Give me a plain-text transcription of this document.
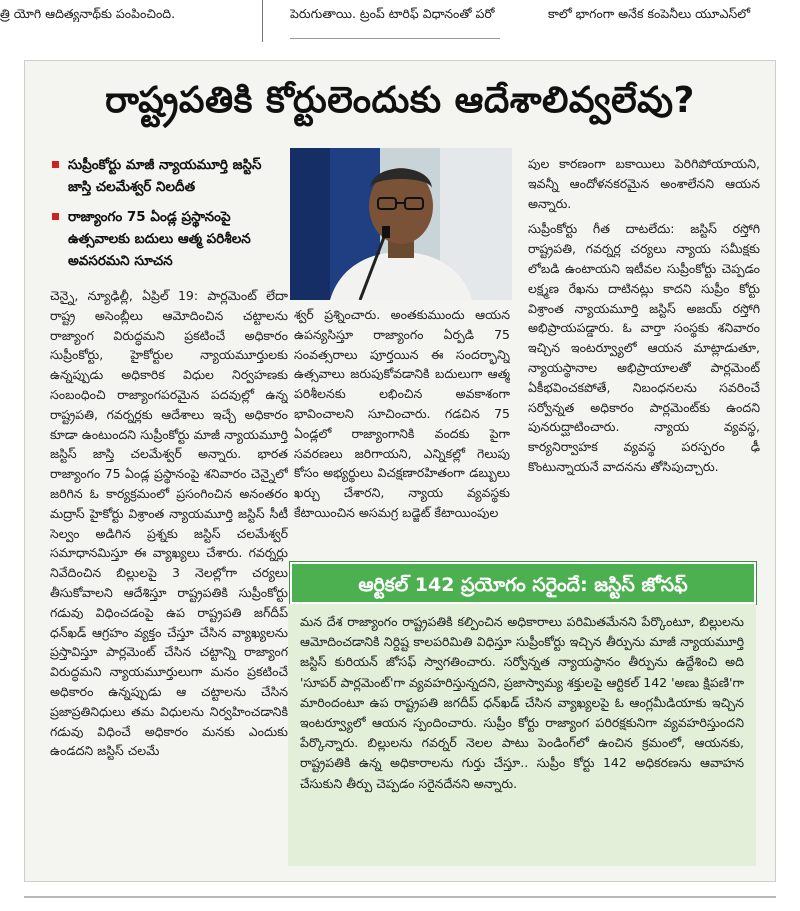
త్రి యోగి ఆదిత్యనాథ్‌కు పంపించింది.	పెరుగుతాయి. ట్రంప్ టారిఫ్ విధానంతో పరో	కాలో భాగంగా అనేక కంపెనీలు యూఎస్‌లో
రాష్ట్రపతికి కోర్టులెందుకు ఆదేశాలివ్వలేవు?
సుప్రీంకోర్టు మాజీ న్యాయమూర్తి జస్టిస్ జాస్తి చలమేశ్వర్ నిలదీత
రాజ్యాంగం 75 ఏండ్ల ప్రస్థానంపై ఉత్సవాలకు బదులు ఆత్మ పరిశీలన అవసరమని సూచన

చెన్నై, న్యూఢిల్లీ, ఏప్రిల్ 19: పార్లమెంట్ లేదా రాష్ట్ర అసెంబ్లీలు ఆమోదించిన చట్టాలను రాజ్యాంగ విరుద్ధమని ప్రకటించే అధికారం సుప్రీంకోర్టు, హైకోర్టుల న్యాయమూర్తులకు ఉన్నప్పుడు అధికారిక విధుల నిర్వహణకు సంబంధించి రాజ్యాంగపరమైన పదవుల్లో ఉన్న రాష్ట్రపతి, గవర్నర్లకు ఆదేశాలు ఇచ్చే అధికారం కూడా ఉంటుందని సుప్రీంకోర్టు మాజీ న్యాయమూర్తి జస్టిస్ జాస్తి చలమేశ్వర్ అన్నారు. భారత రాజ్యాంగం 75 ఏండ్ల ప్రస్థానంపై శనివారం చెన్నైలో జరిగిన ఓ కార్యక్రమంలో ప్రసంగించిన అనంతరం మద్రాస్ హైకోర్టు విశ్రాంత న్యాయమూర్తి జస్టిస్ సీటీ సెల్వం అడిగిన ప్రశ్నకు జస్టిస్ చలమేశ్వర్ సమాధానమిస్తూ ఈ వ్యాఖ్యలు చేశారు. గవర్నర్లు నివేదించిన బిల్లులపై 3 నెలల్లోగా చర్యలు తీసుకోవాలని ఆదేశిస్తూ రాష్ట్రపతికి సుప్రీంకోర్టు గడువు విధించడంపై ఉప రాష్ట్రపతి జగ్‌దీప్ ధన్‌ఖడ్ ఆగ్రహం వ్యక్తం చేస్తూ చేసిన వ్యాఖ్యలను ప్రస్తావిస్తూ పార్లమెంట్ చేసిన చట్టాన్ని రాజ్యాంగ విరుద్ధమని న్యాయమూర్తులుగా మనం ప్రకటించే అధికారం ఉన్నప్పుడు ఆ చట్టాలను చేసిన ప్రజాప్రతినిధులు తమ విధులను నిర్వహించడానికి గడువు విధించే అధికారం మనకు ఎందుకు ఉండదని జస్టిస్ చలమే

శ్వర్ ప్రశ్నించారు. అంతకుముందు ఆయన ఉపన్యసిస్తూ రాజ్యాంగం ఏర్పడి 75 సంవత్సరాలు పూర్తయిన ఈ సందర్భాన్ని ఉత్సవాలు జరుపుకోవడానికి బదులుగా ఆత్మ పరిశీలనకు లభించిన అవకాశంగా భావించాలని సూచించారు. గడచిన 75 ఏండ్లలో రాజ్యాంగానికి వందకు పైగా సవరణలు జరిగాయని, ఎన్నికల్లో గెలుపు కోసం అభ్యర్థులు విచక్షణారహితంగా డబ్బులు ఖర్చు చేశారని, న్యాయ వ్యవస్థకు కేటాయించిన అసమగ్ర బడ్జెట్ కేటాయింపుల

పుల కారణంగా బకాయిలు పెరిగిపోయాయని, ఇవన్నీ ఆందోళనకరమైన అంశాలేనని ఆయన అన్నారు.

సుప్రీంకోర్టు గీత దాటలేదు: జస్టిస్ రస్తోగి రాష్ట్రపతి, గవర్నర్ల చర్యలు న్యాయ సమీక్షకు లోబడి ఉంటాయని ఇటీవల సుప్రీంకోర్టు చెప్పడం లక్ష్మణ రేఖను దాటినట్లు కాదని సుప్రీం కోర్టు విశ్రాంత న్యాయమూర్తి జస్టిస్ అజయ్ రస్తోగి అభిప్రాయపడ్డారు. ఓ వార్తా సంస్థకు శనివారం ఇచ్చిన ఇంటర్వ్యూలో ఆయన మాట్లాడుతూ, న్యాయస్థానాల అభిప్రాయాలతో పార్లమెంట్ ఏకీభవించకపోతే, నిబంధనలను సవరించే సర్వోన్నత అధికారం పార్లమెంట్‌కు ఉందని పునరుద్ఘాటించారు. న్యాయ వ్యవస్థ, కార్యనిర్వాహక వ్యవస్థ పరస్పరం ఢీ కొంటున్నాయనే వాదనను తోసిపుచ్చారు.

ఆర్టికల్ 142 ప్రయోగం సరైందే: జస్టిస్ జోసఫ్
మన దేశ రాజ్యాంగం రాష్ట్రపతికి కల్పించిన అధికారాలు పరిమితమేనని పేర్కొంటూ, బిల్లులను ఆమోదించడానికి నిర్దిష్ట కాలపరిమితి విధిస్తూ సుప్రీంకోర్టు ఇచ్చిన తీర్పును మాజీ న్యాయమూర్తి జస్టిస్ కురియన్ జోసఫ్ స్వాగతించారు. సర్వోన్నత న్యాయస్థానం తీర్పును ఉద్దేశించి అది 'సూపర్ పార్లమెంట్'గా వ్యవహరిస్తున్నదని, ప్రజాస్వామ్య శక్తులపై ఆర్టికల్ 142 'అణు క్షిపణి'గా మారిందంటూ ఉప రాష్ట్రపతి జగదీప్ ధన్‌ఖడ్ చేసిన వ్యాఖ్యలపై ఓ ఆంగ్లమీడియాకు ఇచ్చిన ఇంటర్వ్యూలో ఆయన స్పందించారు. సుప్రీం కోర్టు రాజ్యాంగ పరిరక్షకునిగా వ్యవహరిస్తుందని పేర్కొన్నారు. బిల్లులను గవర్నర్ నెలల పాటు పెండింగ్‌లో ఉంచిన క్రమంలో, ఆయనకు, రాష్ట్రపతికి ఉన్న అధికారాలను గుర్తు చేస్తూ.. సుప్రీం కోర్టు 142 అధికరణను ఆవాహన చేసుకుని తీర్పు చెప్పడం సరైనదేనని అన్నారు.
